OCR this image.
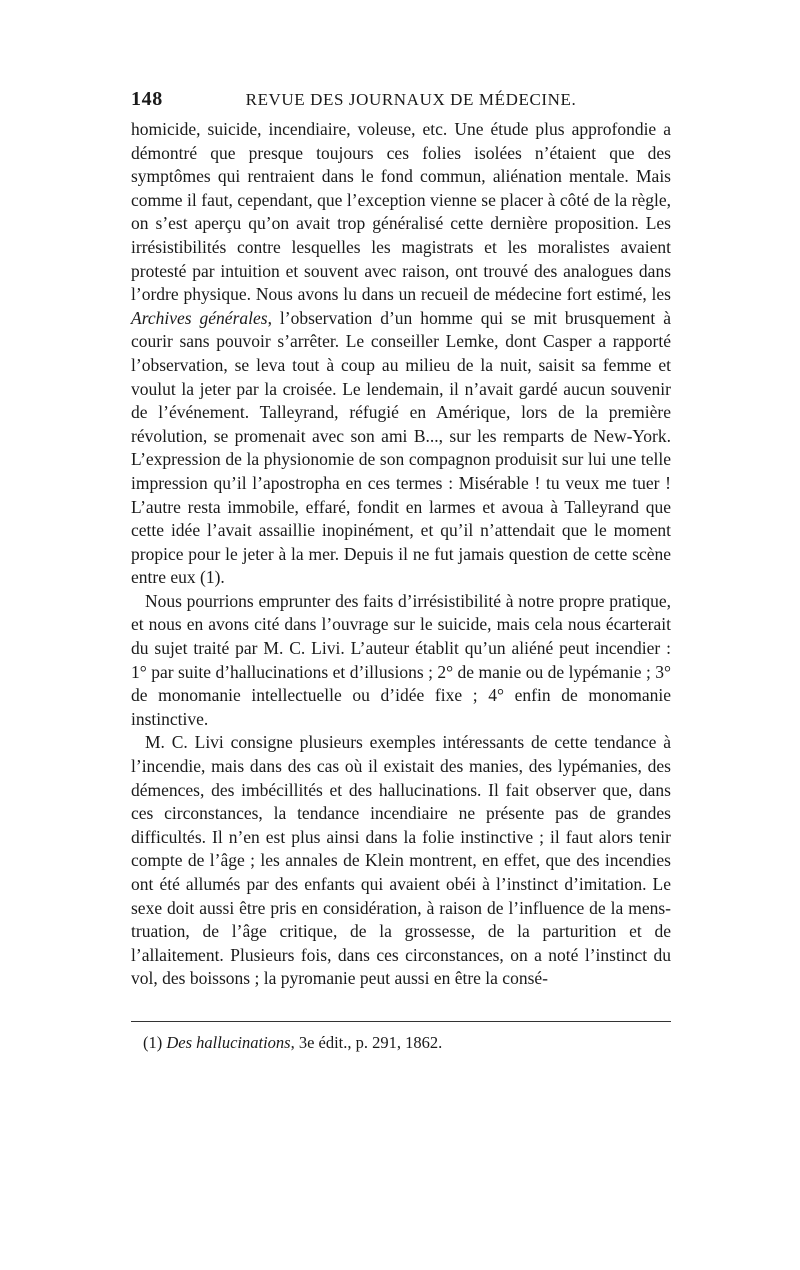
148	REVUE DES JOURNAUX DE MÉDECINE.

homicide, suicide, incendiaire, voleuse, etc. Une étude plus approfondie a démontré que presque toujours ces folies isolées n’étaient que des symptômes qui rentraient dans le fond commun, aliénation mentale. Mais comme il faut, cependant, que l’exception vienne se placer à côté de la règle, on s’est aperçu qu’on avait trop généralisé cette dernière proposition. Les irrésistibilités contre lesquelles les magistrats et les moralistes avaient protesté par intuition et souvent avec raison, ont trouvé des analogues dans l’ordre physique. Nous avons lu dans un recueil de médecine fort estimé, les Archives générales, l’observation d’un homme qui se mit brusquement à courir sans pouvoir s’arrêter. Le conseiller Lemke, dont Casper a rapporté l’observation, se leva tout à coup au milieu de la nuit, saisit sa femme et voulut la jeter par la croisée. Le lendemain, il n’avait gardé aucun souvenir de l’événement. Talleyrand, réfugié en Amérique, lors de la première révolution, se promenait avec son ami B..., sur les remparts de New-York. L’expression de la physionomie de son compagnon produisit sur lui une telle impression qu’il l’apostropha en ces termes : Misérable ! tu veux me tuer ! L’autre resta immobile, effaré, fondit en larmes et avoua à Talleyrand que cette idée l’avait assaillie inopinément, et qu’il n’attendait que le moment propice pour le jeter à la mer. Depuis il ne fut jamais question de cette scène entre eux (1).

Nous pourrions emprunter des faits d’irrésistibilité à notre propre pratique, et nous en avons cité dans l’ouvrage sur le suicide, mais cela nous écarterait du sujet traité par M. C. Livi. L’auteur établit qu’un aliéné peut incendier : 1° par suite d’hallucinations et d’illusions ; 2° de manie ou de lypémanie ; 3° de monomanie intellectuelle ou d’idée fixe ; 4° enfin de monomanie instinctive.

M. C. Livi consigne plusieurs exemples intéressants de cette tendance à l’incendie, mais dans des cas où il existait des manies, des lypémanies, des démences, des imbécillités et des hallucinations. Il fait observer que, dans ces circonstances, la tendance incendiaire ne présente pas de grandes difficultés. Il n’en est plus ainsi dans la folie instinctive ; il faut alors tenir compte de l’âge ; les annales de Klein montrent, en effet, que des incendies ont été allumés par des enfants qui avaient obéi à l’instinct d’imitation. Le sexe doit aussi être pris en considération, à raison de l’influence de la menstruation, de l’âge critique, de la grossesse, de la parturition et de l’allaitement. Plusieurs fois, dans ces circonstances, on a noté l’instinct du vol, des boissons ; la pyromanie peut aussi en être la consé-

(1) Des hallucinations, 3e édit., p. 291, 1862.
